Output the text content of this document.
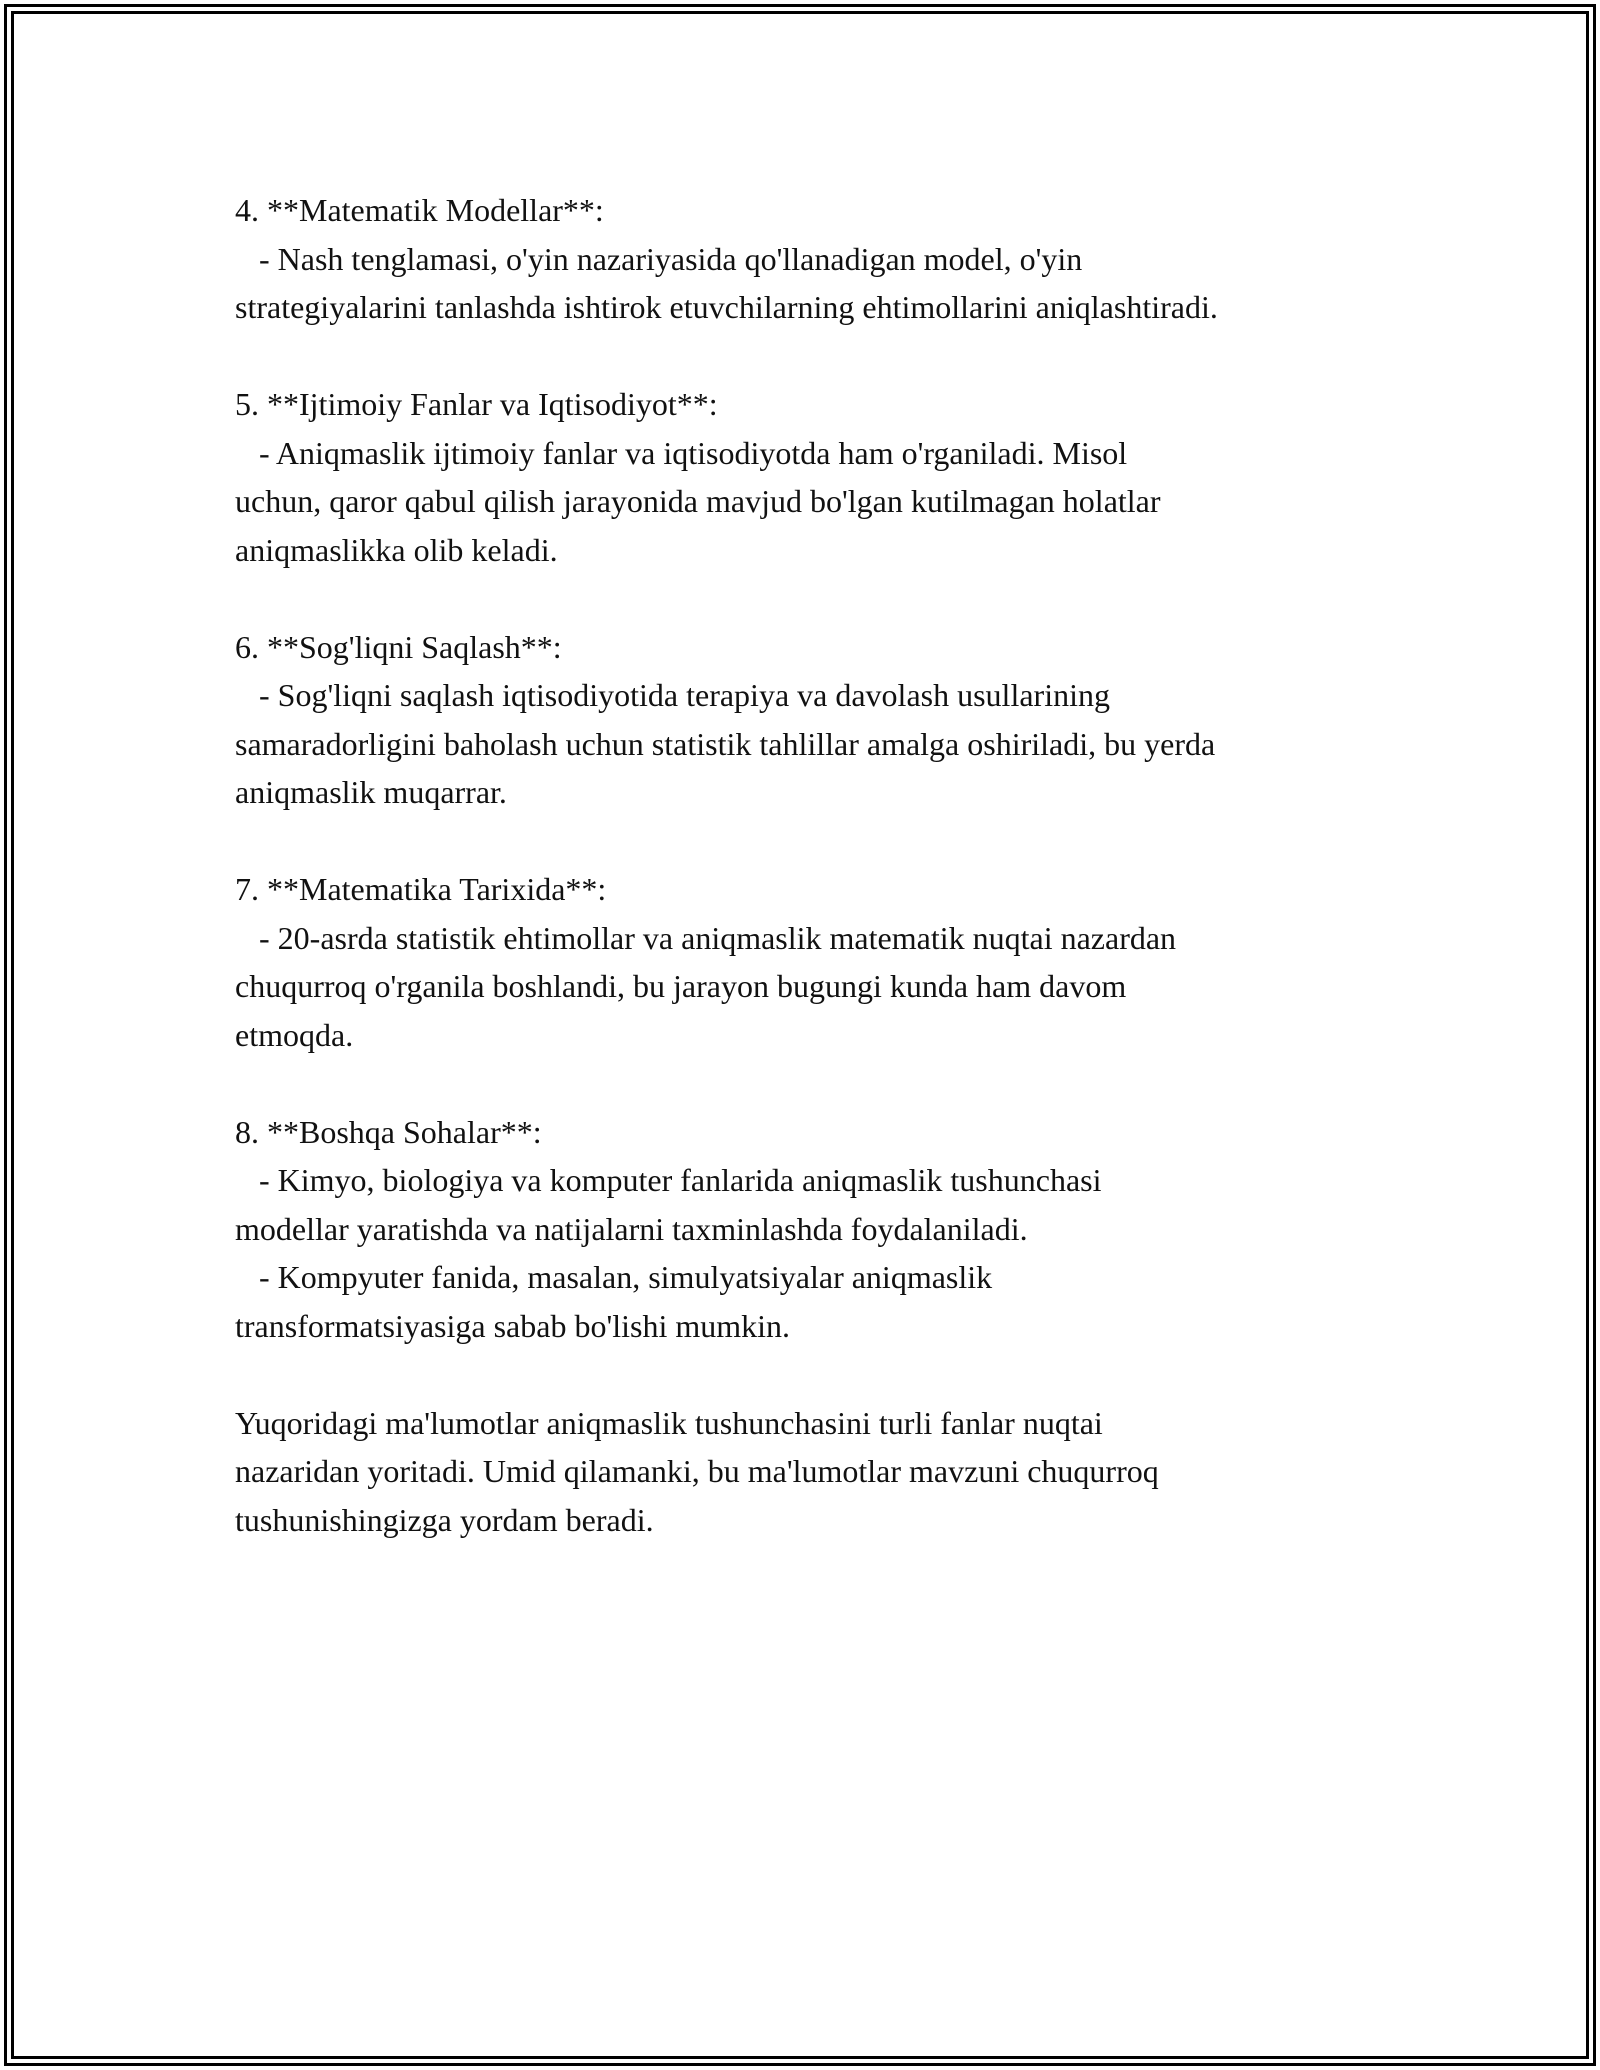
4. **Matematik Modellar**:
- Nash tenglamasi, o'yin nazariyasida qo'llanadigan model, o'yin
strategiyalarini tanlashda ishtirok etuvchilarning ehtimollarini aniqlashtiradi.
5. **Ijtimoiy Fanlar va Iqtisodiyot**:
- Aniqmaslik ijtimoiy fanlar va iqtisodiyotda ham o'rganiladi. Misol
uchun, qaror qabul qilish jarayonida mavjud bo'lgan kutilmagan holatlar
aniqmaslikka olib keladi.
6. **Sog'liqni Saqlash**:
- Sog'liqni saqlash iqtisodiyotida terapiya va davolash usullarining
samaradorligini baholash uchun statistik tahlillar amalga oshiriladi, bu yerda
aniqmaslik muqarrar.
7. **Matematika Tarixida**:
- 20-asrda statistik ehtimollar va aniqmaslik matematik nuqtai nazardan
chuqurroq o'rganila boshlandi, bu jarayon bugungi kunda ham davom
etmoqda.
8. **Boshqa Sohalar**:
- Kimyo, biologiya va komputer fanlarida aniqmaslik tushunchasi
modellar yaratishda va natijalarni taxminlashda foydalaniladi.
- Kompyuter fanida, masalan, simulyatsiyalar aniqmaslik
transformatsiyasiga sabab bo'lishi mumkin.
Yuqoridagi ma'lumotlar aniqmaslik tushunchasini turli fanlar nuqtai
nazaridan yoritadi. Umid qilamanki, bu ma'lumotlar mavzuni chuqurroq
tushunishingizga yordam beradi.
